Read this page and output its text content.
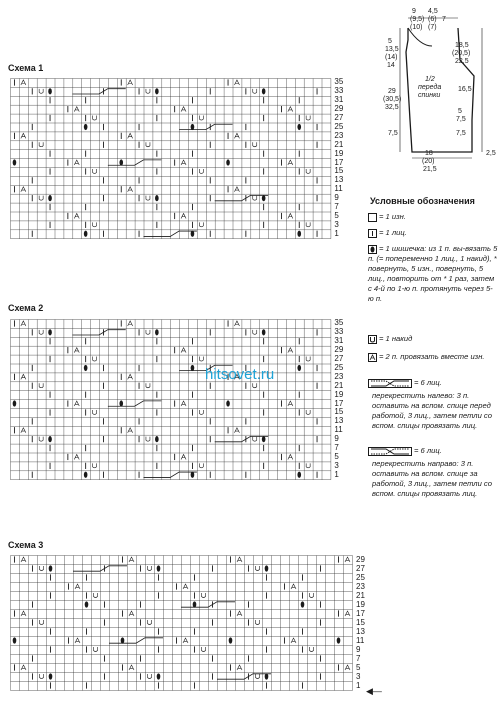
Схема 1
Схема 2
Схема 3
35
33
31
29
27
25
23
21
19
17
15
13
11
9
7
5
3
1
35
33
31
29
27
25
23
21
19
17
15
13
11
9
7
5
3
1
29
27
25
23
21
19
17
15
13
11
9
7
5
3
1
9 4,5
(9,5) (6)
(10) (7)
7
5
13,5
(14)
14
29
(30,5)
32,5
7,5
18,5
(20,5)
22,5
16,5
5
7,5
7,5
2,5
1/2
переда
спинки
18
(20)
21,5
Условные обозначения

= 1 изн.

= 1 лиц.

= 1 шишечка: из 1 п. вы-вязать 5 п. (= попеременно 1 лиц., 1 накид), * повернуть, 5 изн., повернуть, 5 лиц., повторить от * 1 раз, затем с 4-й по 1-ю п. протянуть через 5-ю п.

= 1 накид

= 2 п. провязать вместе изн.

= 6 лиц.

перекрестить налево: 3 п. оставить на вспом. спице перед работой, 3 лиц., затем петли со вспом. спицы провязать лиц.

= 6 лиц.

перекрестить направо: 3 п. оставить на вспом. спице за работой, 3 лиц., затем петли со вспом. спицы провязать лиц.

hitsovet.ru
◀—
